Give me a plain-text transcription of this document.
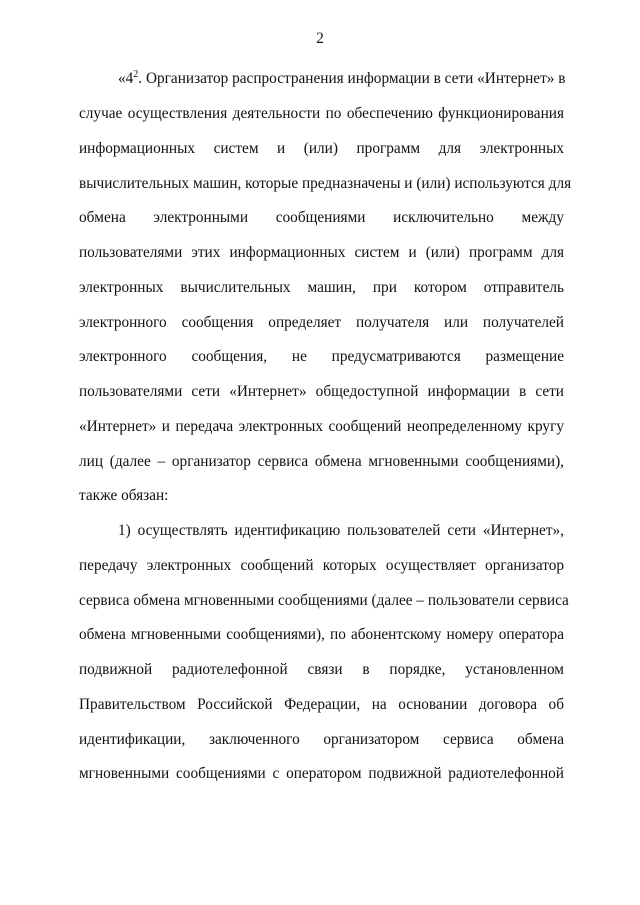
2
«$4^2$. Организатор распространения информации в сети «Интернет» в
случае осуществления деятельности по обеспечению функционирования
информационных систем и (или) программ для электронных
вычислительных машин, которые предназначены и (или) используются для
обмена электронными сообщениями исключительно между
пользователями этих информационных систем и (или) программ для
электронных вычислительных машин, при котором отправитель
электронного сообщения определяет получателя или получателей
электронного сообщения, не предусматриваются размещение
пользователями сети «Интернет» общедоступной информации в сети
«Интернет» и передача электронных сообщений неопределенному кругу
лиц (далее – организатор сервиса обмена мгновенными сообщениями),
также обязан:
1) осуществлять идентификацию пользователей сети «Интернет»,
передачу электронных сообщений которых осуществляет организатор
сервиса обмена мгновенными сообщениями (далее – пользователи сервиса
обмена мгновенными сообщениями), по абонентскому номеру оператора
подвижной радиотелефонной связи в порядке, установленном
Правительством Российской Федерации, на основании договора об
идентификации, заключенного организатором сервиса обмена
мгновенными сообщениями с оператором подвижной радиотелефонной
